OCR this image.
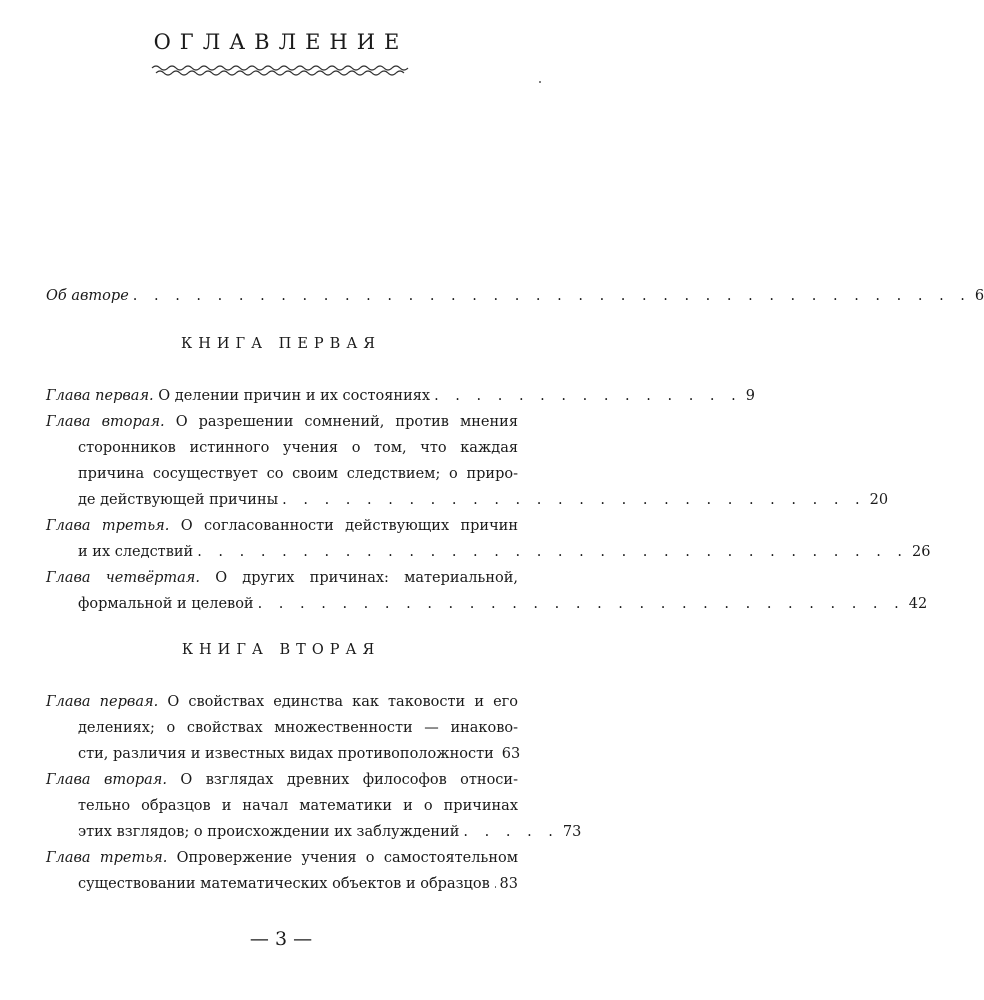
ОГЛАВЛЕНИЕ
Об авторе . . . . . . . . . . . . . . . . . . . . . . . . . . . . . . . . . . . . . . . . 6
КНИГА ПЕРВАЯ
Глава первая. О делении причин и их состояниях . . . . . . . . . . . . . . . 9
Глава вторая. О разрешении сомнений, против мнения
сторонников истинного учения о том, что каждая
причина сосуществует со своим следствием; о приро-
де действующей причины . . . . . . . . . . . . . . . . . . . . . . . . . . . . 20
Глава третья. О согласованности действующих причин
и их следствий . . . . . . . . . . . . . . . . . . . . . . . . . . . . . . . . . . 26
Глава четвёртая. О других причинах: материальной,
формальной и целевой . . . . . . . . . . . . . . . . . . . . . . . . . . . . . . . 42
КНИГА ВТОРАЯ
Глава первая. О свойствах единства как таковости и его
делениях; о свойствах множественности — инаково-
сти, различия и известных видах противоположности 63
Глава вторая. О взглядах древних философов относи-
тельно образцов и начал математики и о причинах
этих взглядов; о происхождении их заблуждений . . . . . 73
Глава третья. Опровержение учения о самостоятельном
существовании математических объектов и образцов 83
— 3 —
